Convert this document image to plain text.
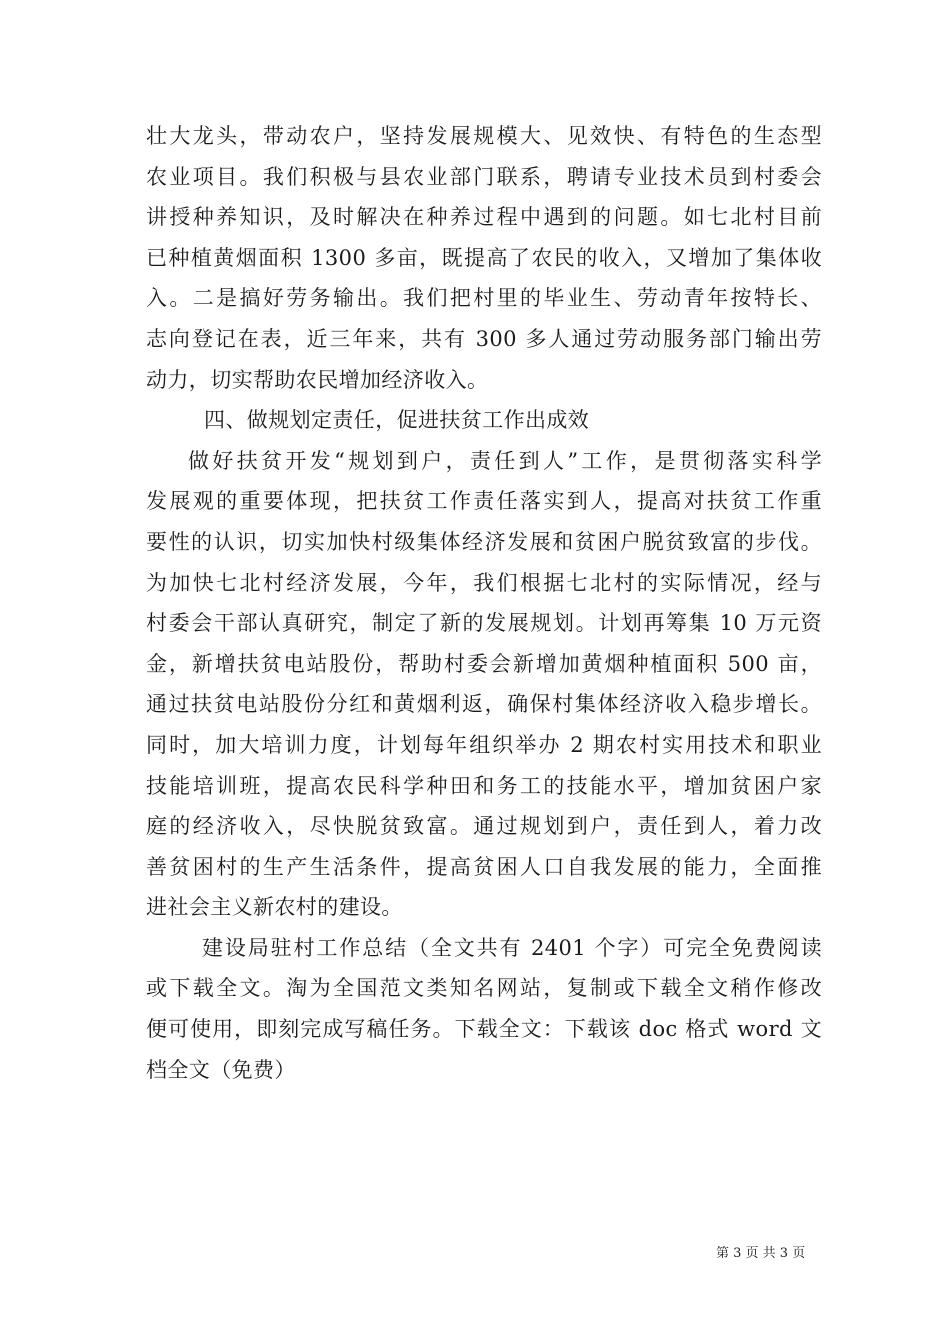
壮大龙头，带动农户，坚持发展规模大、见效快、有特色的生态型
农业项目。我们积极与县农业部门联系，聘请专业技术员到村委会
讲授种养知识，及时解决在种养过程中遇到的问题。如七北村目前
已种植黄烟面积 1300 多亩，既提高了农民的收入，又增加了集体收
入。二是搞好劳务输出。我们把村里的毕业生、劳动青年按特长、
志向登记在表，近三年来，共有 300 多人通过劳动服务部门输出劳
动力，切实帮助农民增加经济收入。
四、做规划定责任，促进扶贫工作出成效
做好扶贫开发“规划到户，责任到人”工作，是贯彻落实科学
发展观的重要体现，把扶贫工作责任落实到人，提高对扶贫工作重
要性的认识，切实加快村级集体经济发展和贫困户脱贫致富的步伐。
为加快七北村经济发展，今年，我们根据七北村的实际情况，经与
村委会干部认真研究，制定了新的发展规划。计划再筹集 10 万元资
金，新增扶贫电站股份，帮助村委会新增加黄烟种植面积 500 亩，
通过扶贫电站股份分红和黄烟利返，确保村集体经济收入稳步增长。
同时，加大培训力度，计划每年组织举办 2 期农村实用技术和职业
技能培训班，提高农民科学种田和务工的技能水平，增加贫困户家
庭的经济收入，尽快脱贫致富。通过规划到户，责任到人，着力改
善贫困村的生产生活条件，提高贫困人口自我发展的能力，全面推
进社会主义新农村的建设。
建设局驻村工作总结（全文共有 2401 个字）可完全免费阅读
或下载全文。淘为全国范文类知名网站，复制或下载全文稍作修改
便可使用，即刻完成写稿任务。下载全文：下载该 doc 格式 word 文
档全文（免费）
第 3 页 共 3 页
